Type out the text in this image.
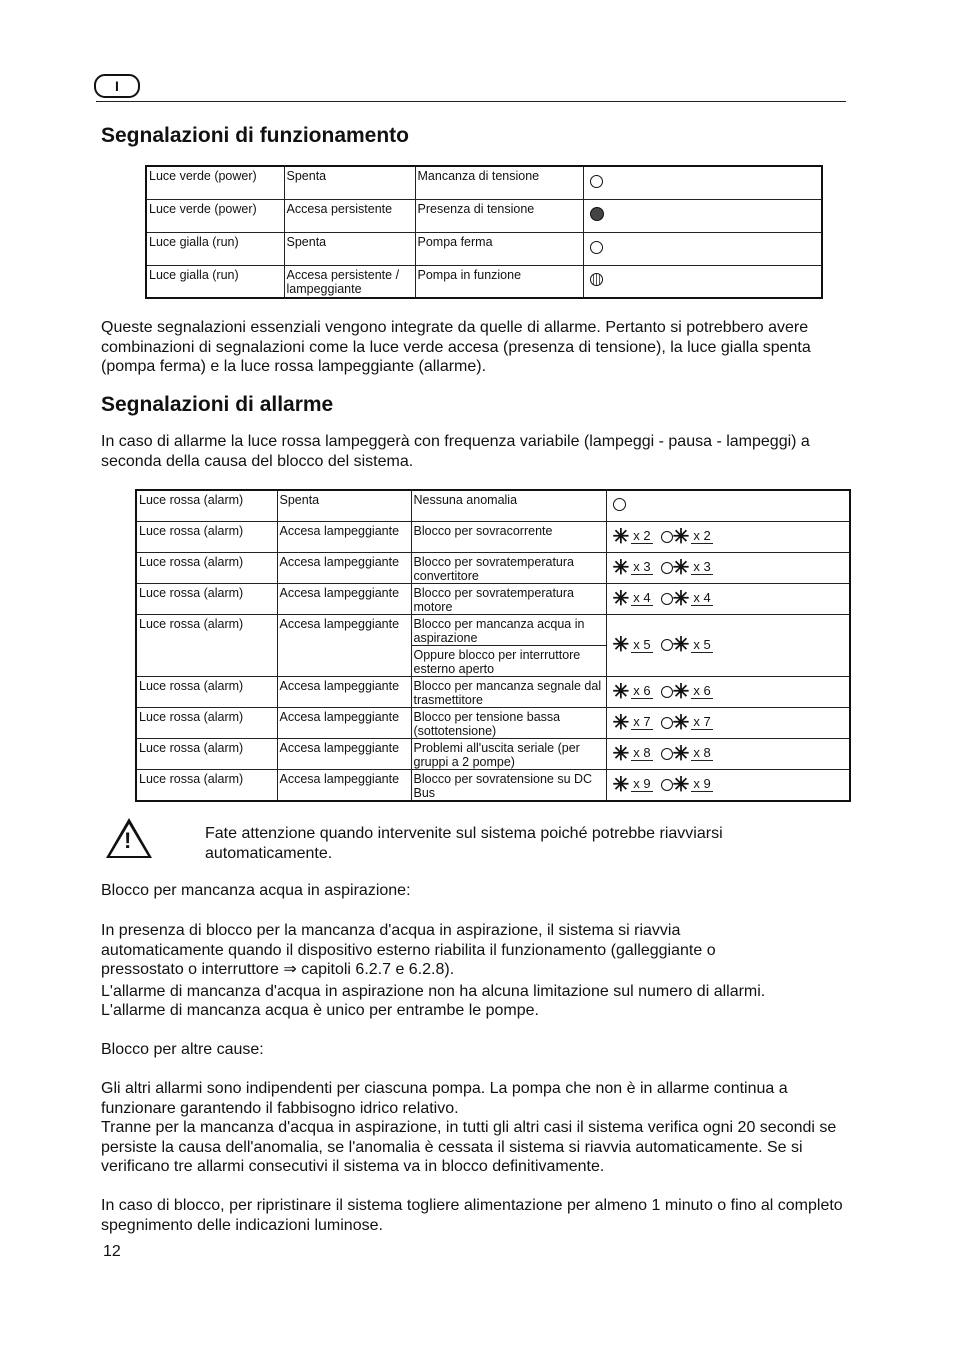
I
Segnalazioni di funzionamento
Luce verde (power)	Spenta	Mancanza di tensione	
Luce verde (power)	Accesa persistente	Presenza di tensione	
Luce gialla (run)	Spenta	Pompa ferma	
Luce gialla (run)	Accesa persistente / lampeggiante	Pompa in funzione	

Queste segnalazioni essenziali vengono integrate da quelle di allarme. Pertanto si potrebbero avere combinazioni di segnalazioni come la luce verde accesa (presenza di tensione), la luce gialla spenta (pompa ferma) e la luce rossa lampeggiante (allarme).

Segnalazioni di allarme

In caso di allarme la luce rossa lampeggerà con frequenza variabile (lampeggi - pausa - lampeggi) a seconda della causa del blocco del sistema.

Luce rossa (alarm)	Spenta	Nessuna anomalia	
Luce rossa (alarm)	Accesa lampeggiante	Blocco per sovracorrente	✳ x 2 ✳ x 2

Luce rossa (alarm)	Accesa lampeggiante	Blocco per sovratemperatura convertitore	✳ x 3 ✳ x 3

Luce rossa (alarm)	Accesa lampeggiante	Blocco per sovratemperatura motore	✳ x 4 ✳ x 4

Luce rossa (alarm)	Accesa lampeggiante	Blocco per mancanza acqua in aspirazione	✳ x 5 ✳ x 5

		Oppure blocco per interruttore esterno aperto	
Luce rossa (alarm)	Accesa lampeggiante	Blocco per mancanza segnale dal trasmettitore	✳ x 6 ✳ x 6

Luce rossa (alarm)	Accesa lampeggiante	Blocco per tensione bassa (sottotensione)	✳ x 7 ✳ x 7

Luce rossa (alarm)	Accesa lampeggiante	Problemi all'uscita seriale (per gruppi a 2 pompe)	✳ x 8 ✳ x 8

Luce rossa (alarm)	Accesa lampeggiante	Blocco per sovratensione su DC Bus	✳ x 9 ✳ x 9
!	Fate attenzione quando intervenite sul sistema poiché potrebbe riavviarsi automaticamente.

Blocco per mancanza acqua in aspirazione:

In presenza di blocco per la mancanza d'acqua in aspirazione, il sistema si riavvia automaticamente quando il dispositivo esterno riabilita il funzionamento (galleggiante o pressostato o interruttore ⇒ capitoli 6.2.7 e 6.2.8).

L'allarme di mancanza d'acqua in aspirazione non ha alcuna limitazione sul numero di allarmi.

L'allarme di mancanza acqua è unico per entrambe le pompe.

Blocco per altre cause:

Gli altri allarmi sono indipendenti per ciascuna pompa. La pompa che non è in allarme continua a funzionare garantendo il fabbisogno idrico relativo.

Tranne per la mancanza d'acqua in aspirazione, in tutti gli altri casi il sistema verifica ogni 20 secondi se persiste la causa dell'anomalia, se l'anomalia è cessata il sistema si riavvia automaticamente. Se si verificano tre allarmi consecutivi il sistema va in blocco definitivamente.

In caso di blocco, per ripristinare il sistema togliere alimentazione per almeno 1 minuto o fino al completo spegnimento delle indicazioni luminose.

12
